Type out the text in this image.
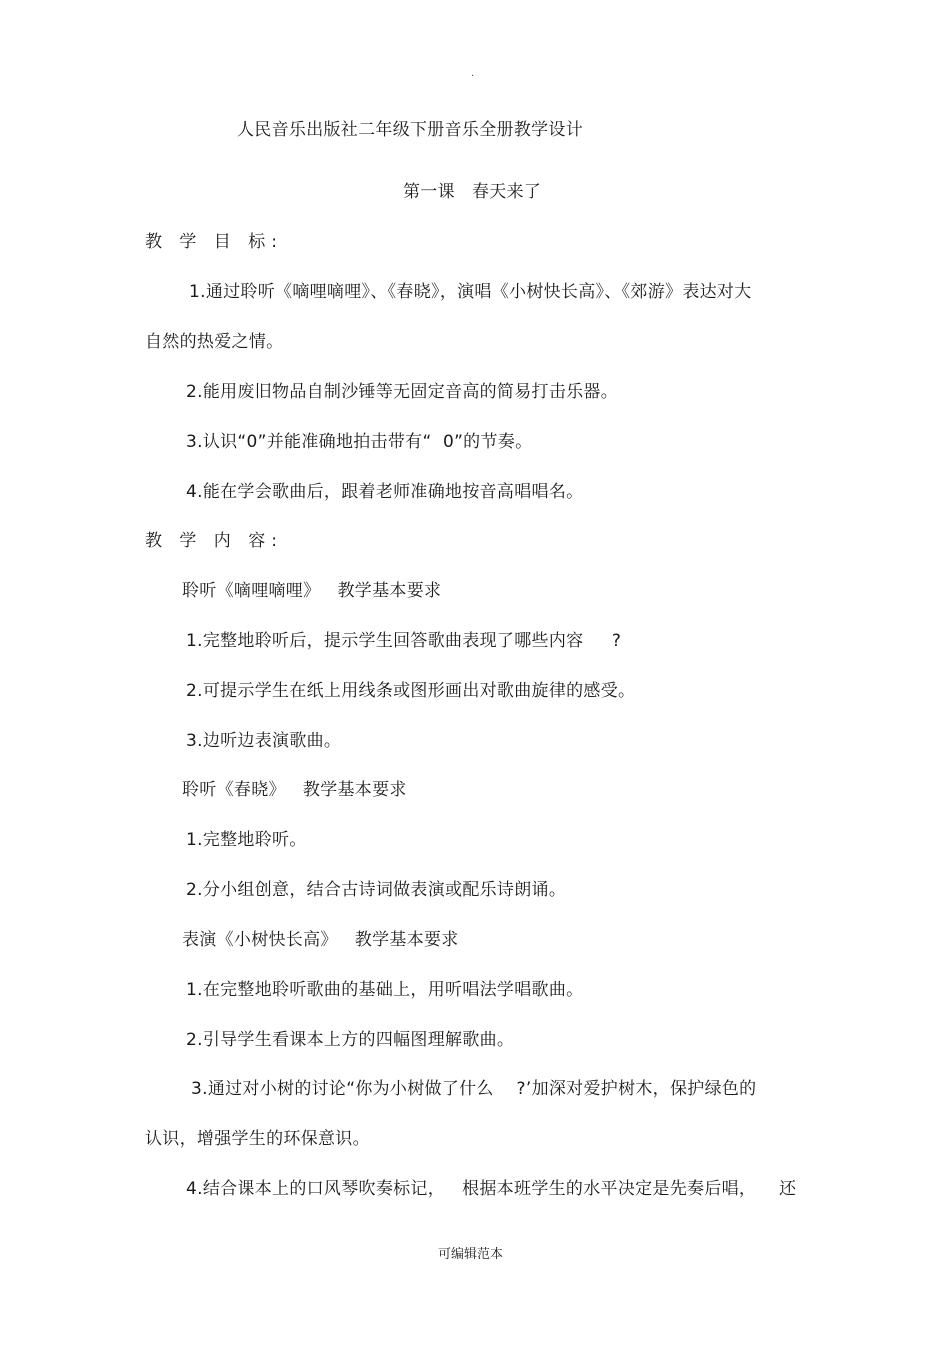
.
人民音乐出版社二年级下册音乐全册教学设计
第一课   春天来了
教 学 目 标:
1.通过聆听《嘀哩嘀哩》、《春晓》，演唱《小树快长高》、《郊游》表达对大
自然的热爱之情。
2.能用废旧物品自制沙锤等无固定音高的简易打击乐器。
3.认识“0”并能准确地拍击带有“  0”的节奏。
4.能在学会歌曲后，跟着老师准确地按音高唱唱名。
教 学 内 容:
聆听《嘀哩嘀哩》   教学基本要求
1.完整地聆听后，提示学生回答歌曲表现了哪些内容     ?
2.可提示学生在纸上用线条或图形画出对歌曲旋律的感受。
3.边听边表演歌曲。
聆听《春晓》   教学基本要求
1.完整地聆听。
2.分小组创意，结合古诗词做表演或配乐诗朗诵。
表演《小树快长高》   教学基本要求
1.在完整地聆听歌曲的基础上，用听唱法学唱歌曲。
2.引导学生看课本上方的四幅图理解歌曲。
3.通过对小树的讨论“你为小树做了什么    ?’加深对爱护树木，保护绿色的
认识，增强学生的环保意识。
4.结合课本上的口风琴吹奏标记，   根据本班学生的水平决定是先奏后唱，    还
可编辑范本
